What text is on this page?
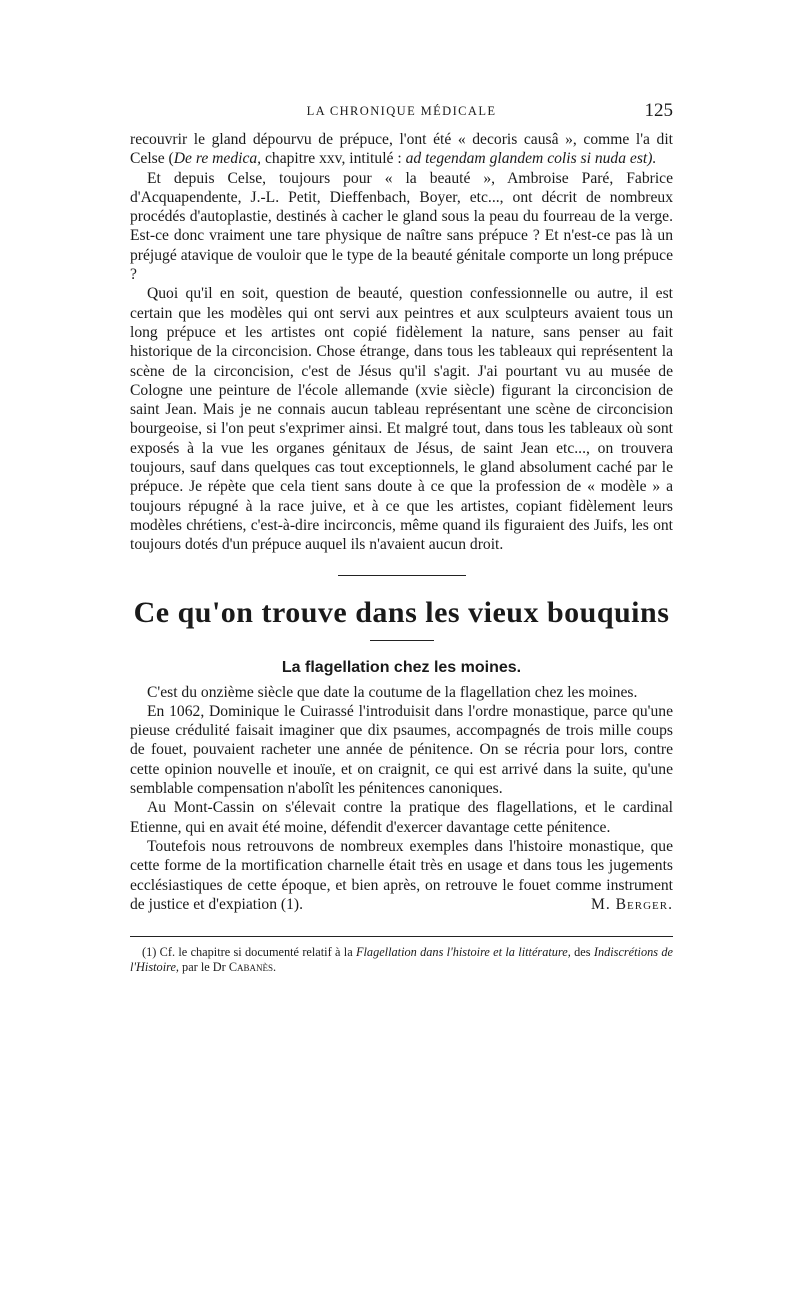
LA CHRONIQUE MÉDICALE	125

recouvrir le gland dépourvu de prépuce, l'ont été « decoris causâ », comme l'a dit Celse (De re medica, chapitre xxv, intitulé : ad tegendam glandem colis si nuda est).

Et depuis Celse, toujours pour « la beauté », Ambroise Paré, Fabrice d'Acquapendente, J.-L. Petit, Dieffenbach, Boyer, etc..., ont décrit de nombreux procédés d'autoplastie, destinés à cacher le gland sous la peau du fourreau de la verge. Est-ce donc vraiment une tare physique de naître sans prépuce ? Et n'est-ce pas là un préjugé atavique de vouloir que le type de la beauté génitale comporte un long prépuce ?

Quoi qu'il en soit, question de beauté, question confessionnelle ou autre, il est certain que les modèles qui ont servi aux peintres et aux sculpteurs avaient tous un long prépuce et les artistes ont copié fidèlement la nature, sans penser au fait historique de la circoncision. Chose étrange, dans tous les tableaux qui représentent la scène de la circoncision, c'est de Jésus qu'il s'agit. J'ai pourtant vu au musée de Cologne une peinture de l'école allemande (xvie siècle) figurant la circoncision de saint Jean. Mais je ne connais aucun tableau représentant une scène de circoncision bourgeoise, si l'on peut s'exprimer ainsi. Et malgré tout, dans tous les tableaux où sont exposés à la vue les organes génitaux de Jésus, de saint Jean etc..., on trouvera toujours, sauf dans quelques cas tout exceptionnels, le gland absolument caché par le prépuce. Je répète que cela tient sans doute à ce que la profession de « modèle » a toujours répugné à la race juive, et à ce que les artistes, copiant fidèlement leurs modèles chrétiens, c'est-à-dire incirconcis, même quand ils figuraient des Juifs, les ont toujours dotés d'un prépuce auquel ils n'avaient aucun droit.

Ce qu'on trouve dans les vieux bouquins
La flagellation chez les moines.

C'est du onzième siècle que date la coutume de la flagellation chez les moines.

En 1062, Dominique le Cuirassé l'introduisit dans l'ordre monastique, parce qu'une pieuse crédulité faisait imaginer que dix psaumes, accompagnés de trois mille coups de fouet, pouvaient racheter une année de pénitence. On se récria pour lors, contre cette opinion nouvelle et inouïe, et on craignit, ce qui est arrivé dans la suite, qu'une semblable compensation n'abolît les pénitences canoniques.

Au Mont-Cassin on s'élevait contre la pratique des flagellations, et le cardinal Etienne, qui en avait été moine, défendit d'exercer davantage cette pénitence.

Toutefois nous retrouvons de nombreux exemples dans l'histoire monastique, que cette forme de la mortification charnelle était très en usage et dans tous les jugements ecclésiastiques de cette époque, et bien après, on retrouve le fouet comme instrument de justice et d'expiation (1).	M. Berger.

(1) Cf. le chapitre si documenté relatif à la Flagellation dans l'histoire et la littérature, des Indiscrétions de l'Histoire, par le Dr Cabanès.
